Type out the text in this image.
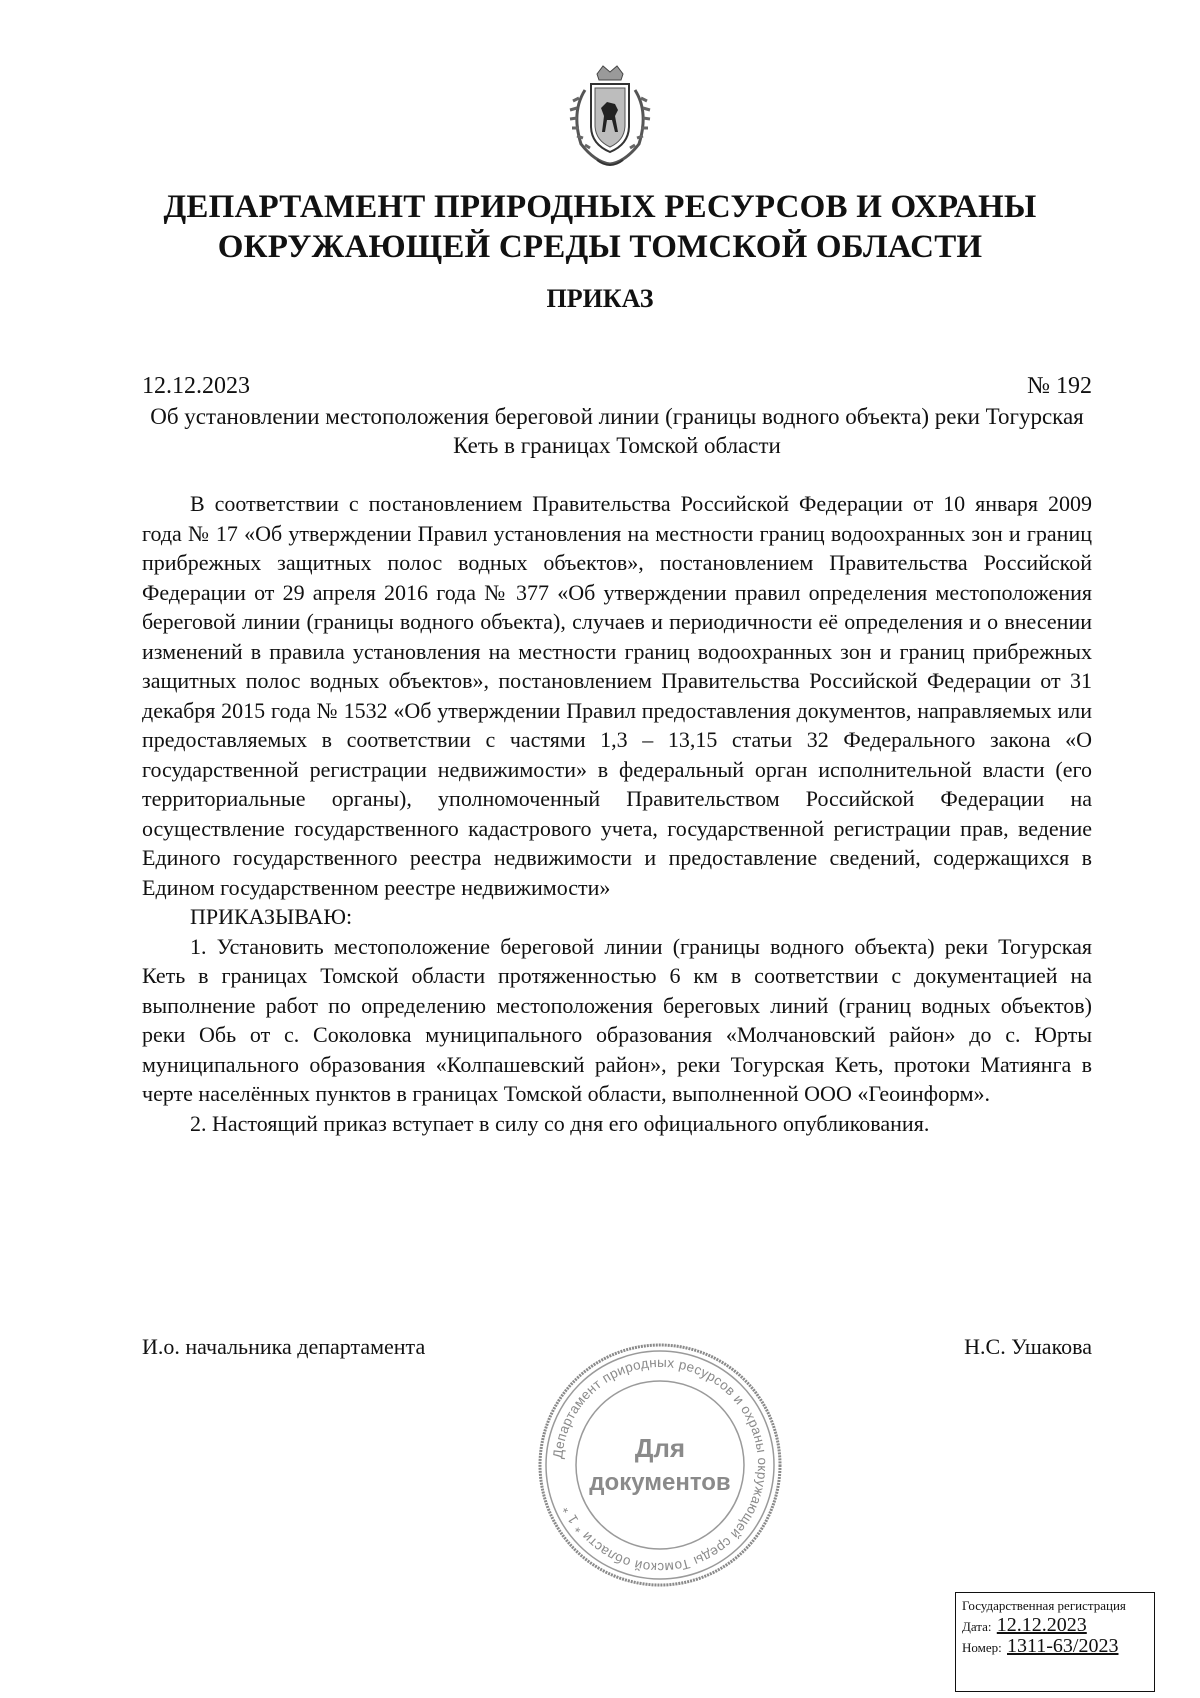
ДЕПАРТАМЕНТ ПРИРОДНЫХ РЕСУРСОВ И ОХРАНЫ
ОКРУЖАЮЩЕЙ СРЕДЫ ТОМСКОЙ ОБЛАСТИ
ПРИКАЗ
12.12.2023	№ 192
Об установлении местоположения береговой линии (границы водного объекта) реки Тогурская Кеть в границах Томской области

В соответствии с постановлением Правительства Российской Федерации от 10 января 2009 года № 17 «Об утверждении Правил установления на местности границ водоохранных зон и границ прибрежных защитных полос водных объектов», постановлением Правительства Российской Федерации от 29 апреля 2016 года № 377 «Об утверждении правил определения местоположения береговой линии (границы водного объекта), случаев и периодичности её определения и о внесении изменений в правила установления на местности границ водоохранных зон и границ прибрежных защитных полос водных объектов», постановлением Правительства Российской Федерации от 31 декабря 2015 года № 1532 «Об утверждении Правил предоставления документов, направляемых или предоставляемых в соответствии с частями 1,3 – 13,15 статьи 32 Федерального закона «О государственной регистрации недвижимости» в федеральный орган исполнительной власти (его территориальные органы), уполномоченный Правительством Российской Федерации на осуществление государственного кадастрового учета, государственной регистрации прав, ведение Единого государственного реестра недвижимости и предоставление сведений, содержащихся в Едином государственном реестре недвижимости»

ПРИКАЗЫВАЮ:

1. Установить местоположение береговой линии (границы водного объекта) реки Тогурская Кеть в границах Томской области протяженностью 6 км в соответствии с документацией на выполнение работ по определению местоположения береговых линий (границ водных объектов) реки Обь от с. Соколовка муниципального образования «Молчановский район» до с. Юрты муниципального образования «Колпашевский район», реки Тогурская Кеть, протоки Матиянга в черте населённых пунктов в границах Томской области, выполненной ООО «Геоинформ».

2. Настоящий приказ вступает в силу со дня его официального опубликования.

И.о. начальника департамента	Н.С. Ушакова
Департамент природных ресурсов и охраны окружающей среды Томской области * 1 *
Для
документов
Государственная регистрация
Дата: 12.12.2023
Номер: 1311-63/2023
